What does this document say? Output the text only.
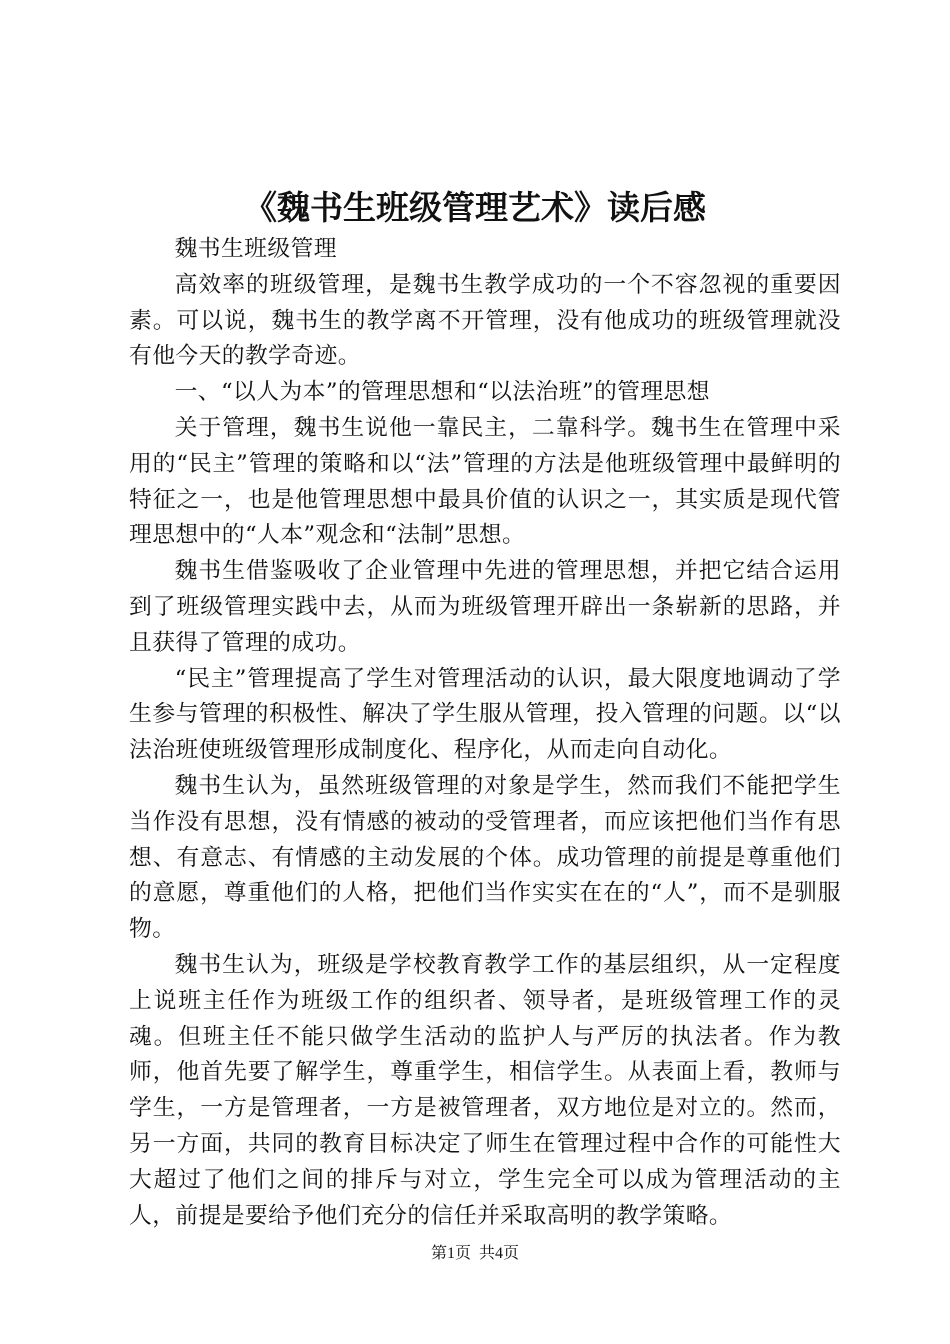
《魏书生班级管理艺术》读后感

魏书生班级管理

高效率的班级管理，是魏书生教学成功的一个不容忽视的重要因素。可以说，魏书生的教学离不开管理，没有他成功的班级管理就没有他今天的教学奇迹。

一、“以人为本”的管理思想和“以法治班”的管理思想

关于管理，魏书生说他一靠民主，二靠科学。魏书生在管理中采用的“民主”管理的策略和以“法”管理的方法是他班级管理中最鲜明的特征之一，也是他管理思想中最具价值的认识之一，其实质是现代管理思想中的“人本”观念和“法制”思想。

魏书生借鉴吸收了企业管理中先进的管理思想，并把它结合运用到了班级管理实践中去，从而为班级管理开辟出一条崭新的思路，并且获得了管理的成功。

“民主”管理提高了学生对管理活动的认识，最大限度地调动了学生参与管理的积极性、解决了学生服从管理，投入管理的问题。以“以法治班使班级管理形成制度化、程序化，从而走向自动化。

魏书生认为，虽然班级管理的对象是学生，然而我们不能把学生当作没有思想，没有情感的被动的受管理者，而应该把他们当作有思想、有意志、有情感的主动发展的个体。成功管理的前提是尊重他们的意愿，尊重他们的人格，把他们当作实实在在的“人”，而不是驯服物。

魏书生认为，班级是学校教育教学工作的基层组织，从一定程度上说班主任作为班级工作的组织者、领导者，是班级管理工作的灵魂。但班主任不能只做学生活动的监护人与严厉的执法者。作为教师，他首先要了解学生，尊重学生，相信学生。从表面上看，教师与学生，一方是管理者，一方是被管理者，双方地位是对立的。然而，另一方面，共同的教育目标决定了师生在管理过程中合作的可能性大大超过了他们之间的排斥与对立，学生完全可以成为管理活动的主人，前提是要给予他们充分的信任并采取高明的教学策略。

第1页 共4页
